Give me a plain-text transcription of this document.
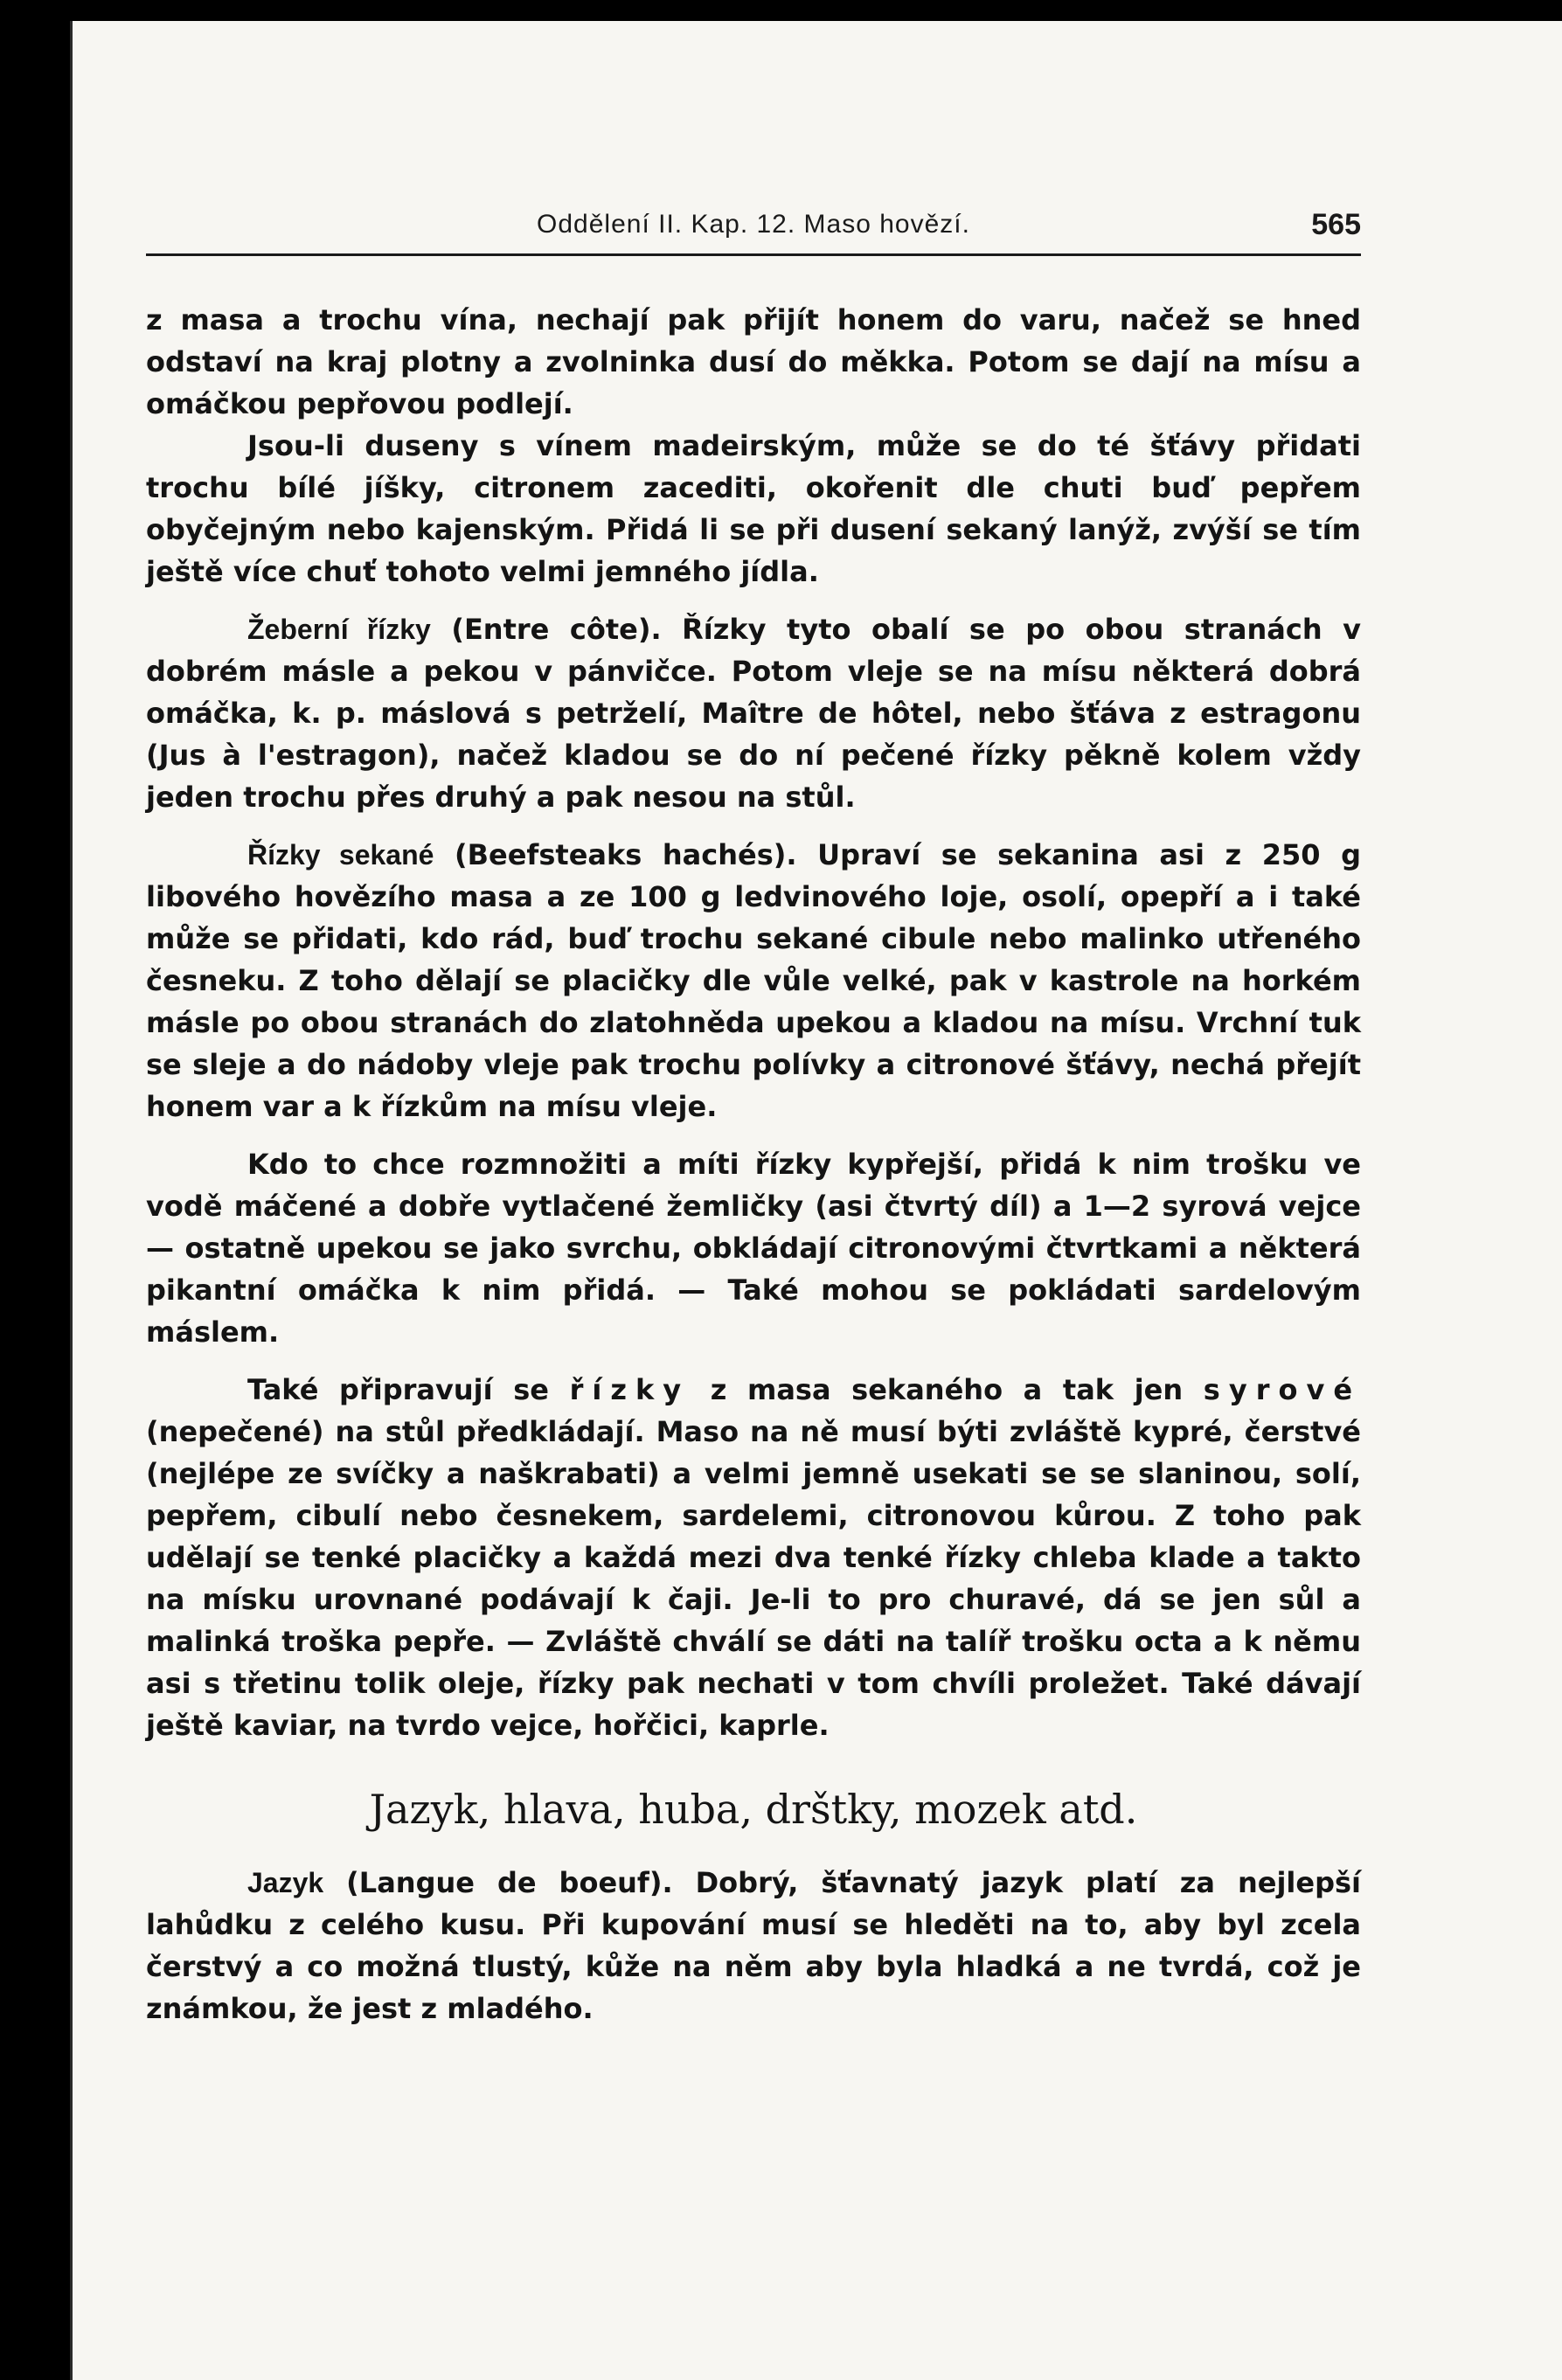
Oddělení II. Kap. 12. Maso hovězí.	565

z masa a trochu vína, nechají pak přijít honem do varu, načež se hned odstaví na kraj plotny a zvolninka dusí do měkka. Potom se dají na mísu a omáčkou pepřovou podlejí.

Jsou-li duseny s vínem madeirským, může se do té šťávy přidati trochu bílé jíšky, citronem zacediti, okořenit dle chuti buď pepřem obyčejným nebo kajenským. Přidá li se při dusení sekaný lanýž, zvýší se tím ještě více chuť tohoto velmi jemného jídla.

Žeberní řízky (Entre côte). Řízky tyto obalí se po obou stranách v dobrém másle a pekou v pánvičce. Potom vleje se na mísu některá dobrá omáčka, k. p. máslová s petrželí, Maître de hôtel, nebo šťáva z estragonu (Jus à l'estragon), načež kladou se do ní pečené řízky pěkně kolem vždy jeden trochu přes druhý a pak nesou na stůl.

Řízky sekané (Beefsteaks hachés). Upraví se sekanina asi z 250 g libového hovězího masa a ze 100 g ledvinového loje, osolí, opepří a i také může se přidati, kdo rád, buď trochu sekané cibule nebo malinko utřeného česneku. Z toho dělají se placičky dle vůle velké, pak v kastrole na horkém másle po obou stranách do zlatohněda upekou a kladou na mísu. Vrchní tuk se sleje a do nádoby vleje pak trochu polívky a citronové šťávy, nechá přejít honem var a k řízkům na mísu vleje.

Kdo to chce rozmnožiti a míti řízky kypřejší, přidá k nim trošku ve vodě máčené a dobře vytlačené žemličky (asi čtvrtý díl) a 1—2 syrová vejce — ostatně upekou se jako svrchu, obkládají citronovými čtvrtkami a některá pikantní omáčka k nim přidá. — Také mohou se pokládati sardelovým máslem.

Také připravují se řízky z masa sekaného a tak jen syrové (nepečené) na stůl předkládají. Maso na ně musí býti zvláště kypré, čerstvé (nejlépe ze svíčky a naškrabati) a velmi jemně usekati se se slaninou, solí, pepřem, cibulí nebo česnekem, sardelemi, citronovou kůrou. Z toho pak udělají se tenké placičky a každá mezi dva tenké řízky chleba klade a takto na mísku urovnané podávají k čaji. Je-li to pro churavé, dá se jen sůl a malinká troška pepře. — Zvláště chválí se dáti na talíř trošku octa a k němu asi s třetinu tolik oleje, řízky pak nechati v tom chvíli proležet. Také dávají ještě kaviar, na tvrdo vejce, hořčici, kaprle.

Jazyk, hlava, huba, drštky, mozek atd.

Jazyk (Langue de boeuf). Dobrý, šťavnatý jazyk platí za nejlepší lahůdku z celého kusu. Při kupování musí se hleděti na to, aby byl zcela čerstvý a co možná tlustý, kůže na něm aby byla hladká a ne tvrdá, což je známkou, že jest z mladého.
